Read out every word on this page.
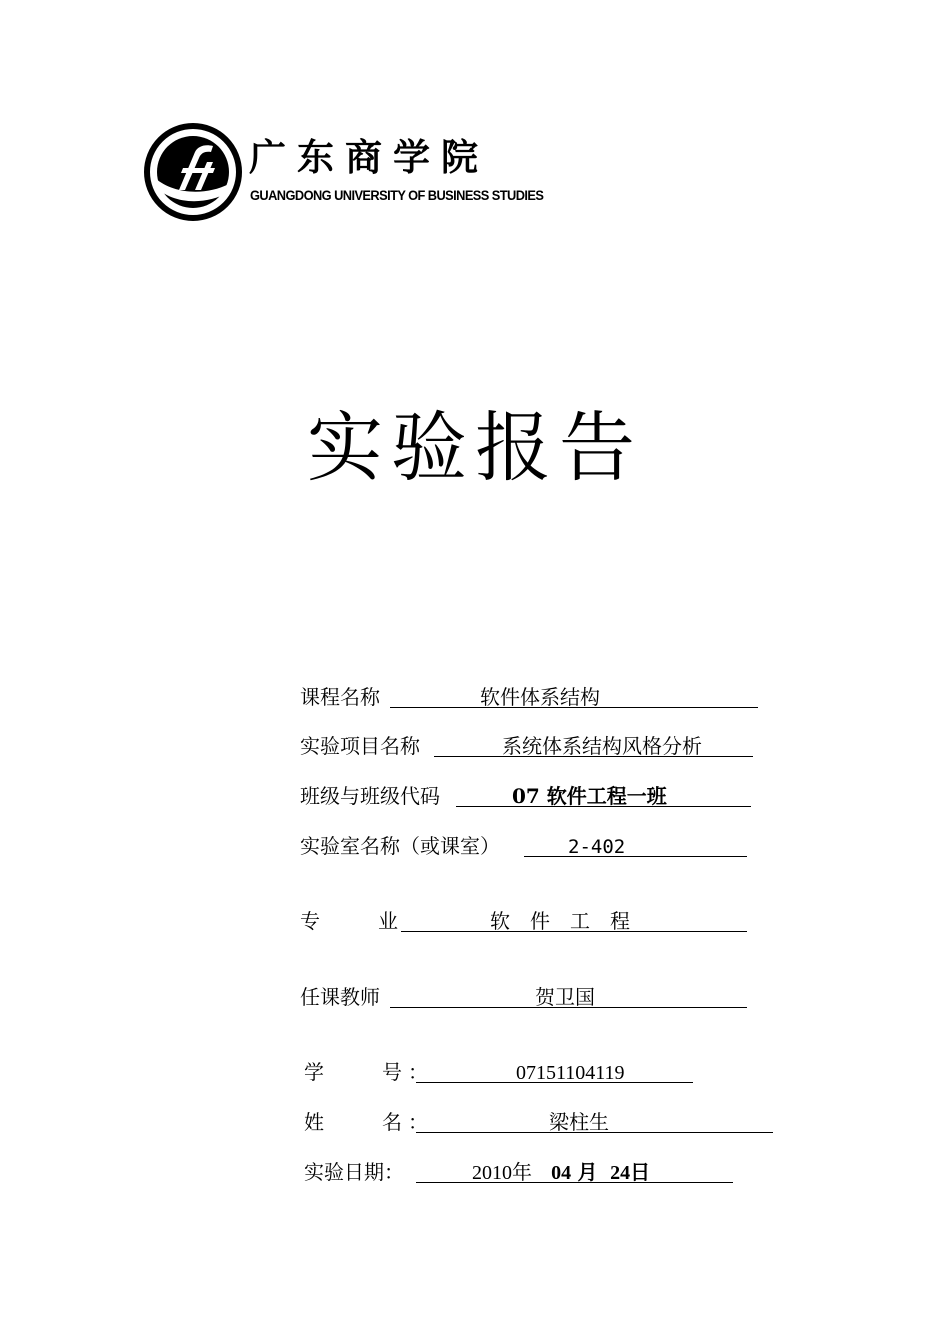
广东商学院
GUANGDONG UNIVERSITY OF BUSINESS STUDIES
实验报告
课程名称	软件体系结构
实验项目名称	系统体系结构风格分析
班级与班级代码	07 软件工程一班
实验室名称（或课室）	2-402
专　　业	软　件　工　程
任课教师	贺卫国
学　　号：	07151104119
姓　　名：	梁柱生
实验日期：	2010年 04 月 24日
